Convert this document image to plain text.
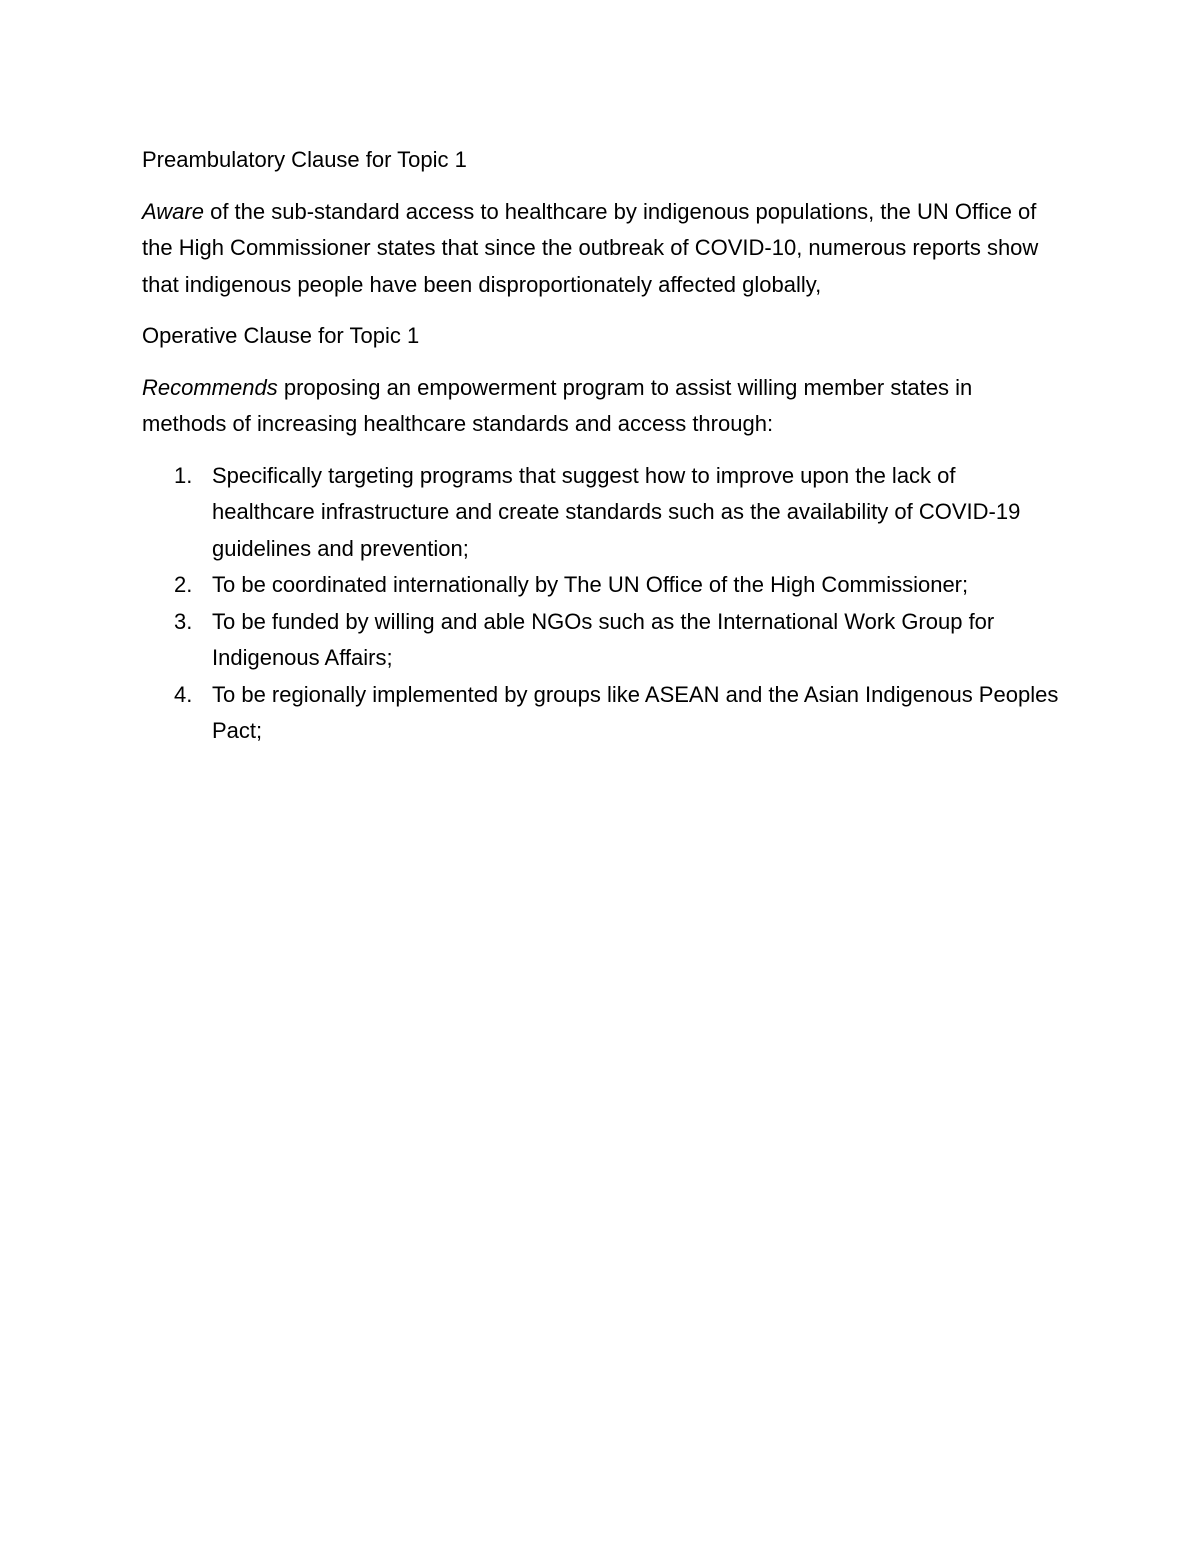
Preambulatory Clause for Topic 1

Aware of the sub-standard access to healthcare by indigenous populations, the UN Office of the High Commissioner states that since the outbreak of COVID-10, numerous reports show that indigenous people have been disproportionately affected globally,

Operative Clause for Topic 1

Recommends proposing an empowerment program to assist willing member states in methods of increasing healthcare standards and access through:

1. Specifically targeting programs that suggest how to improve upon the lack of healthcare infrastructure and create standards such as the availability of COVID-19 guidelines and prevention;
2. To be coordinated internationally by The UN Office of the High Commissioner;
3. To be funded by willing and able NGOs such as the International Work Group for Indigenous Affairs;
4. To be regionally implemented by groups like ASEAN and the Asian Indigenous Peoples Pact;
